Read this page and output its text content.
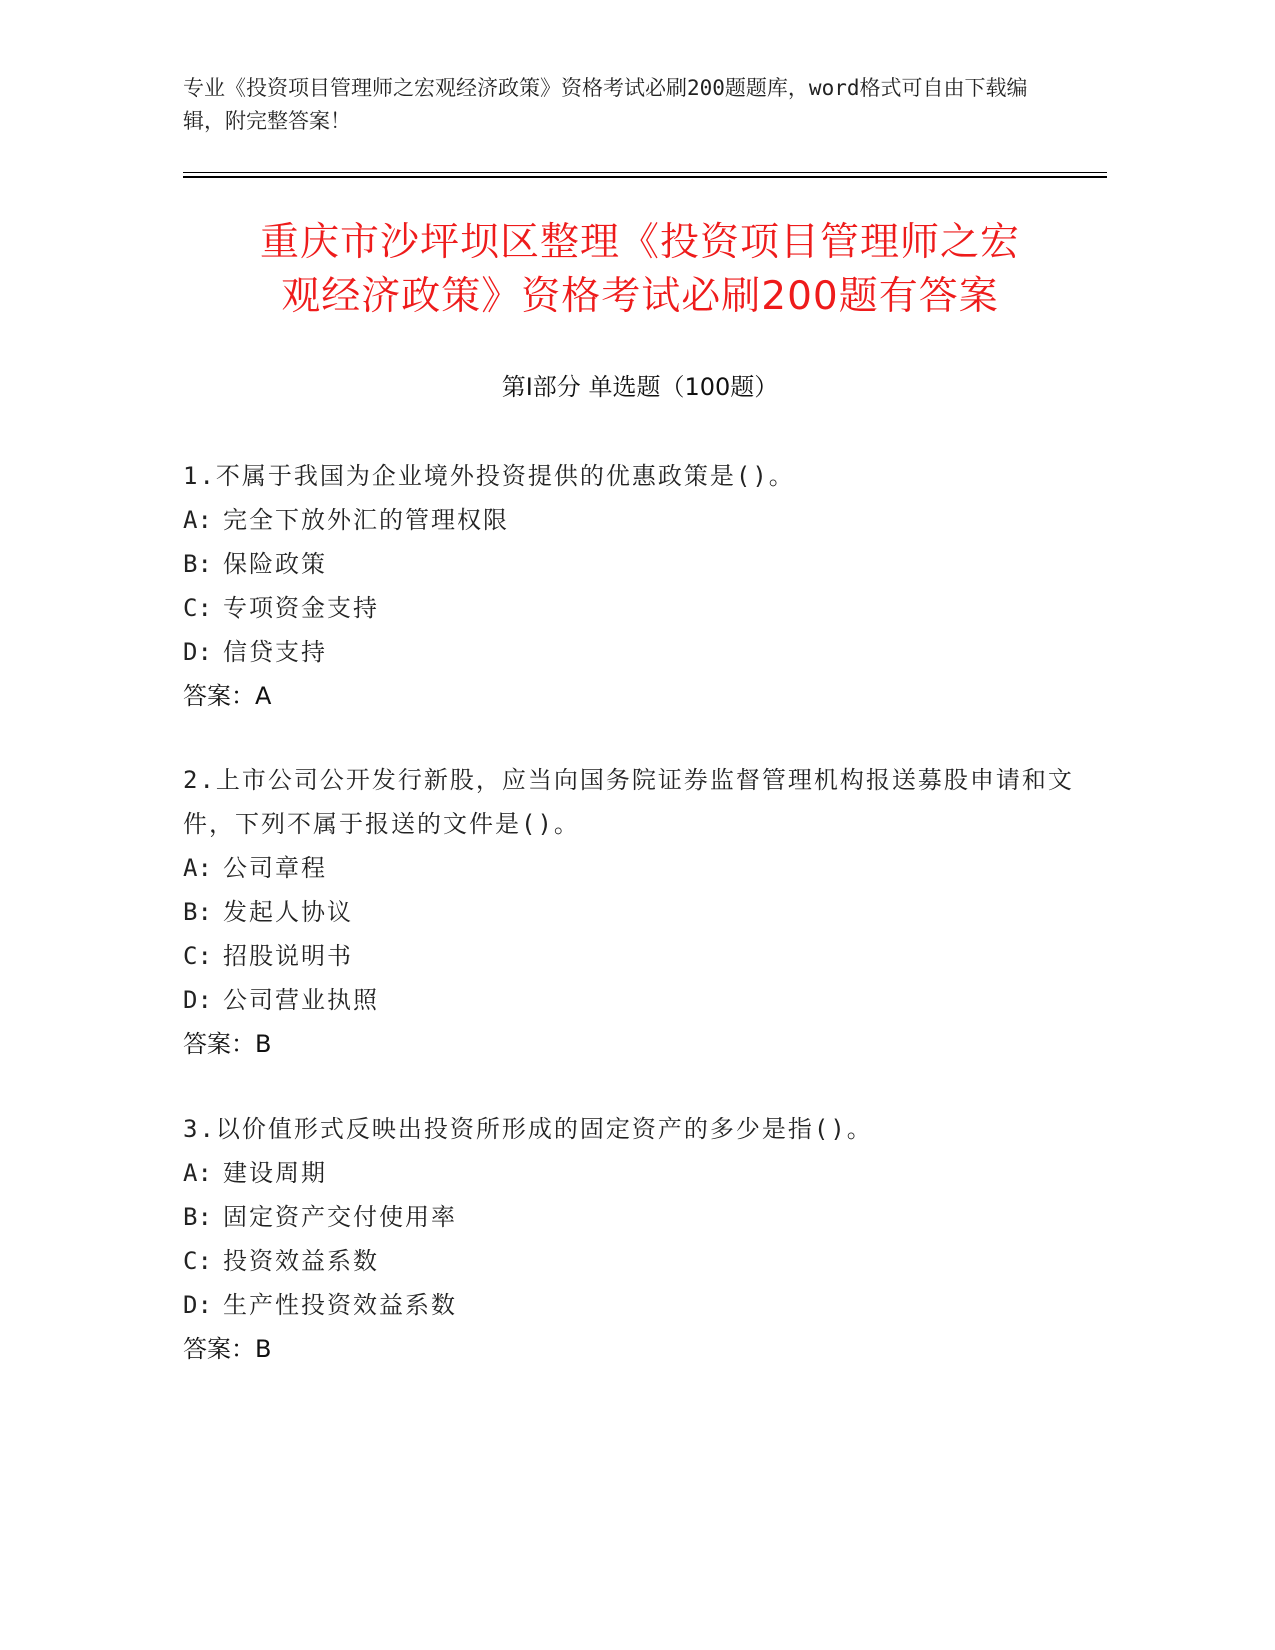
专业《投资项目管理师之宏观经济政策》资格考试必刷200题题库，word格式可自由下载编辑，附完整答案！
重庆市沙坪坝区整理《投资项目管理师之宏
观经济政策》资格考试必刷200题有答案
第Ⅰ部分 单选题（100题）
1.不属于我国为企业境外投资提供的优惠政策是()。
A: 完全下放外汇的管理权限
B: 保险政策
C: 专项资金支持
D: 信贷支持
答案：A
2.上市公司公开发行新股，应当向国务院证券监督管理机构报送募股申请和文件，下列不属于报送的文件是()。
A: 公司章程
B: 发起人协议
C: 招股说明书
D: 公司营业执照
答案：B
3.以价值形式反映出投资所形成的固定资产的多少是指()。
A: 建设周期
B: 固定资产交付使用率
C: 投资效益系数
D: 生产性投资效益系数
答案：B
